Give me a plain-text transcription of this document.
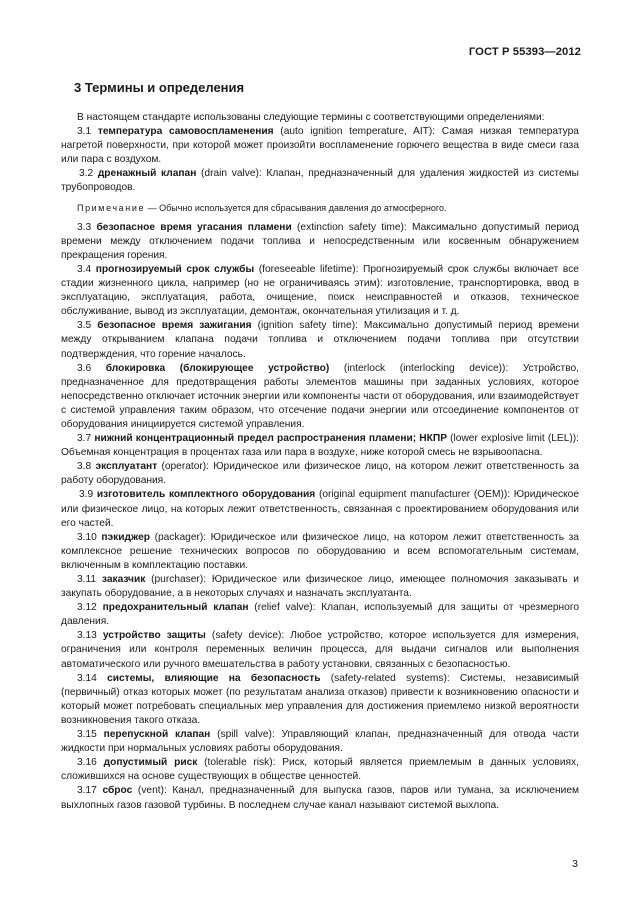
ГОСТ Р 55393—2012
3 Термины и определения

В настоящем стандарте использованы следующие термины с соответствующими определениями:

3.1 температура самовоспламенения (auto ignition temperature, AIT): Самая низкая температура нагретой поверхности, при которой может произойти воспламенение горючего вещества в виде смеси газа или пара с воздухом.

3.2 дренажный клапан (drain valve): Клапан, предназначенный для удаления жидкостей из системы трубопроводов.

Примечание — Обычно используется для сбрасывания давления до атмосферного.

3.3 безопасное время угасания пламени (extinction safety time): Максимально допустимый период времени между отключением подачи топлива и непосредственным или косвенным обнаружением прекращения горения.

3.4 прогнозируемый срок службы (foreseeable lifetime): Прогнозируемый срок службы включает все стадии жизненного цикла, например (но не ограничиваясь этим): изготовление, транспортировка, ввод в эксплуатацию, эксплуатация, работа, очищение, поиск неисправностей и отказов, техническое обслуживание, вывод из эксплуатации, демонтаж, окончательная утилизация и т. д.

3.5 безопасное время зажигания (ignition safety time): Максимально допустимый период времени между открыванием клапана подачи топлива и отключением подачи топлива при отсутствии подтверждения, что горение началось.

3.6 блокировка (блокирующее устройство) (interlock (interlocking device)): Устройство, предназначенное для предотвращения работы элементов машины при заданных условиях, которое непосредственно отключает источник энергии или компоненты части от оборудования, или взаимодействует с системой управления таким образом, что отсечение подачи энергии или отсоединение компонентов от оборудования инициируется системой управления.

3.7 нижний концентрационный предел распространения пламени; НКПР (lower explosive limit (LEL)): Объемная концентрация в процентах газа или пара в воздухе, ниже которой смесь не взрывоопасна.

3.8 эксплуатант (operator): Юридическое или физическое лицо, на котором лежит ответственность за работу оборудования.

3.9 изготовитель комплектного оборудования (original equipment manufacturer (OEM)): Юридическое или физическое лицо, на которых лежит ответственность, связанная с проектированием оборудования или его частей.

3.10 пэкиджер (packager): Юридическое или физическое лицо, на котором лежит ответственность за комплексное решение технических вопросов по оборудованию и всем вспомогательным системам, включенным в комплектацию поставки.

3.11 заказчик (purchaser): Юридическое или физическое лицо, имеющее полномочия заказывать и закупать оборудование, а в некоторых случаях и назначать эксплуатанта.

3.12 предохранительный клапан (relief valve): Клапан, используемый для защиты от чрезмерного давления.

3.13 устройство защиты (safety device): Любое устройство, которое используется для измерения, ограничения или контроля переменных величин процесса, для выдачи сигналов или выполнения автоматического или ручного вмешательства в работу установки, связанных с безопасностью.

3.14 системы, влияющие на безопасность (safety-related systems): Системы, независимый (первичный) отказ которых может (по результатам анализа отказов) привести к возникновению опасности и который может потребовать специальных мер управления для достижения приемлемо низкой вероятности возникновения такого отказа.

3.15 перепускной клапан (spill valve): Управляющий клапан, предназначенный для отвода части жидкости при нормальных условиях работы оборудования.

3.16 допустимый риск (tolerable risk): Риск, который является приемлемым в данных условиях, сложившихся на основе существующих в обществе ценностей.

3.17 сброс (vent): Канал, предназначенный для выпуска газов, паров или тумана, за исключением выхлопных газов газовой турбины. В последнем случае канал называют системой выхлопа.

3
